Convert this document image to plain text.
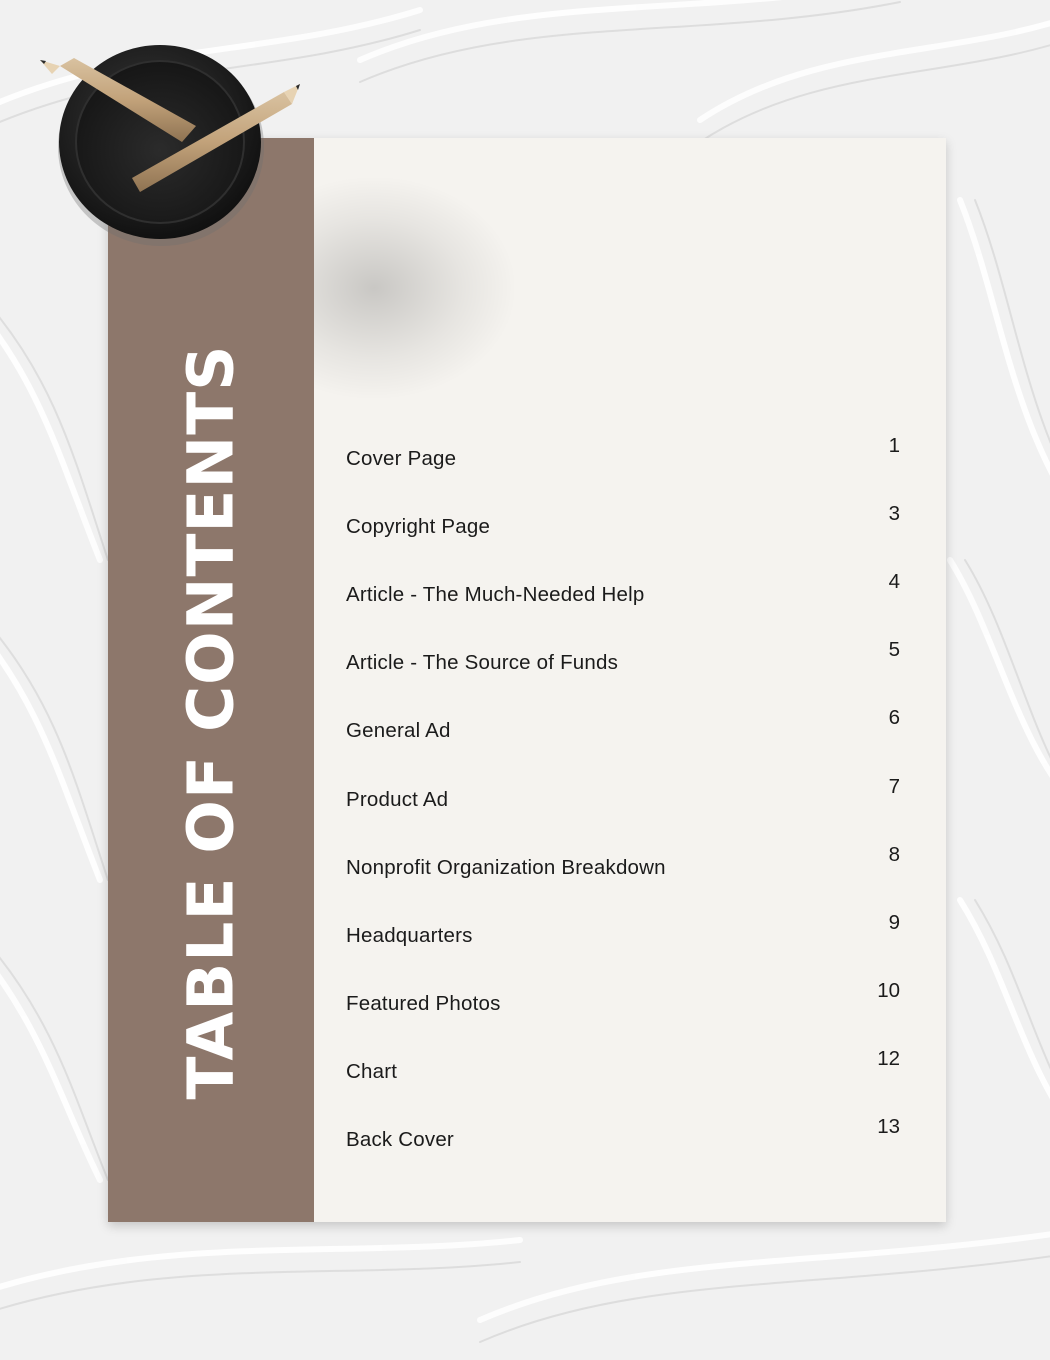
TABLE OF CONTENTS	Cover Page
1
Copyright Page
3
Article - The Much-Needed Help
4
Article - The Source of Funds
5
General Ad
6
Product Ad
7
Nonprofit Organization Breakdown
8
Headquarters
9
Featured Photos
10
Chart
12
Back Cover
13
